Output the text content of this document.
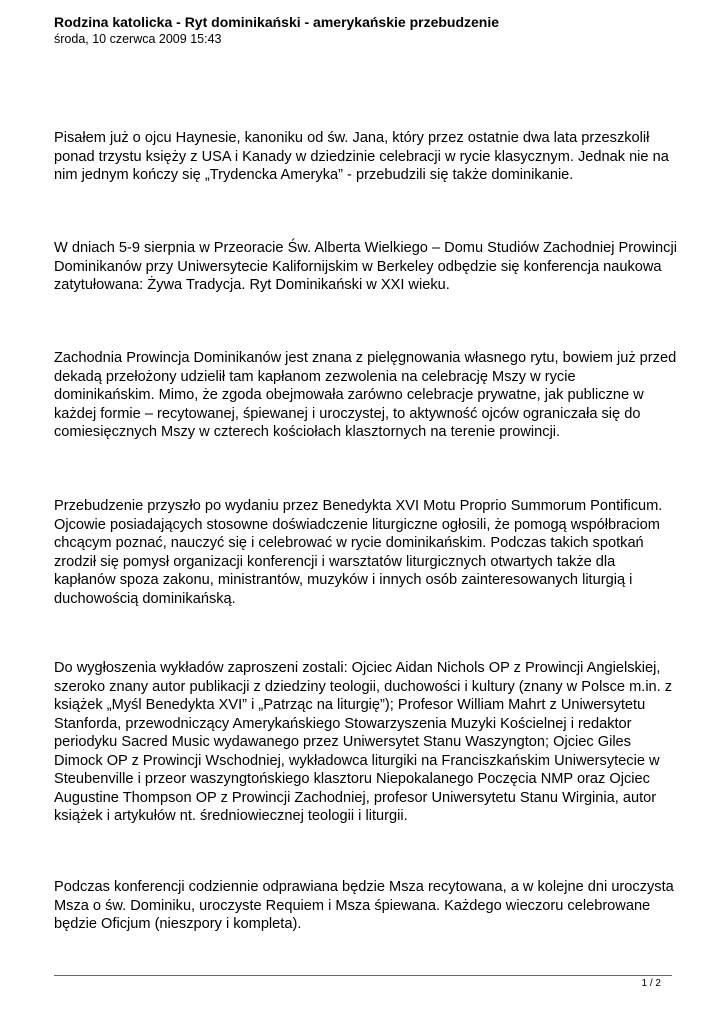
Rodzina katolicka - Ryt dominikański - amerykańskie przebudzenie
środa, 10 czerwca 2009 15:43

Pisałem już o ojcu Haynesie, kanoniku od św. Jana, który przez ostatnie dwa lata przeszkolił ponad trzystu księży z USA i Kanady w dziedzinie celebracji w rycie klasycznym. Jednak nie na nim jednym kończy się „Trydencka Ameryka” - przebudzili się także dominikanie.

W dniach 5-9 sierpnia w Przeoracie Św. Alberta Wielkiego – Domu Studiów Zachodniej Prowincji Dominikanów przy Uniwersytecie Kalifornijskim w Berkeley odbędzie się konferencja naukowa zatytułowana: Żywa Tradycja. Ryt Dominikański w XXI wieku.

Zachodnia Prowincja Dominikanów jest znana z pielęgnowania własnego rytu, bowiem już przed dekadą przełożony udzielił tam kapłanom zezwolenia na celebrację Mszy w rycie dominikańskim. Mimo, że zgoda obejmowała zarówno celebracje prywatne, jak publiczne w każdej formie – recytowanej, śpiewanej i uroczystej, to aktywność ojców ograniczała się do comiesięcznych Mszy w czterech kościołach klasztornych na terenie prowincji.

Przebudzenie przyszło po wydaniu przez Benedykta XVI Motu Proprio Summorum Pontificum. Ojcowie posiadających stosowne doświadczenie liturgiczne ogłosili, że pomogą współbraciom chcącym poznać, nauczyć się i celebrować w rycie dominikańskim. Podczas takich spotkań zrodził się pomysł organizacji konferencji i warsztatów liturgicznych otwartych także dla kapłanów spoza zakonu, ministrantów, muzyków i innych osób zainteresowanych liturgią i duchowością dominikańską.

Do wygłoszenia wykładów zaproszeni zostali: Ojciec Aidan Nichols OP z Prowincji Angielskiej, szeroko znany autor publikacji z dziedziny teologii, duchowości i kultury (znany w Polsce m.in. z książek „Myśl Benedykta XVI” i „Patrząc na liturgię”); Profesor William Mahrt z Uniwersytetu Stanforda, przewodniczący Amerykańskiego Stowarzyszenia Muzyki Kościelnej i redaktor periodyku Sacred Music wydawanego przez Uniwersytet Stanu Waszyngton; Ojciec Giles Dimock OP z Prowincji Wschodniej, wykładowca liturgiki na Franciszkańskim Uniwersytecie w Steubenville i przeor waszyngtońskiego klasztoru Niepokalanego Poczęcia NMP oraz Ojciec Augustine Thompson OP z Prowincji Zachodniej, profesor Uniwersytetu Stanu Wirginia, autor książek i artykułów nt. średniowiecznej teologii i liturgii.

Podczas konferencji codziennie odprawiana będzie Msza recytowana, a w kolejne dni uroczysta Msza o św. Dominiku, uroczyste Requiem i Msza śpiewana. Każdego wieczoru celebrowane będzie Oficjum (nieszpory i kompleta).

1 / 2
